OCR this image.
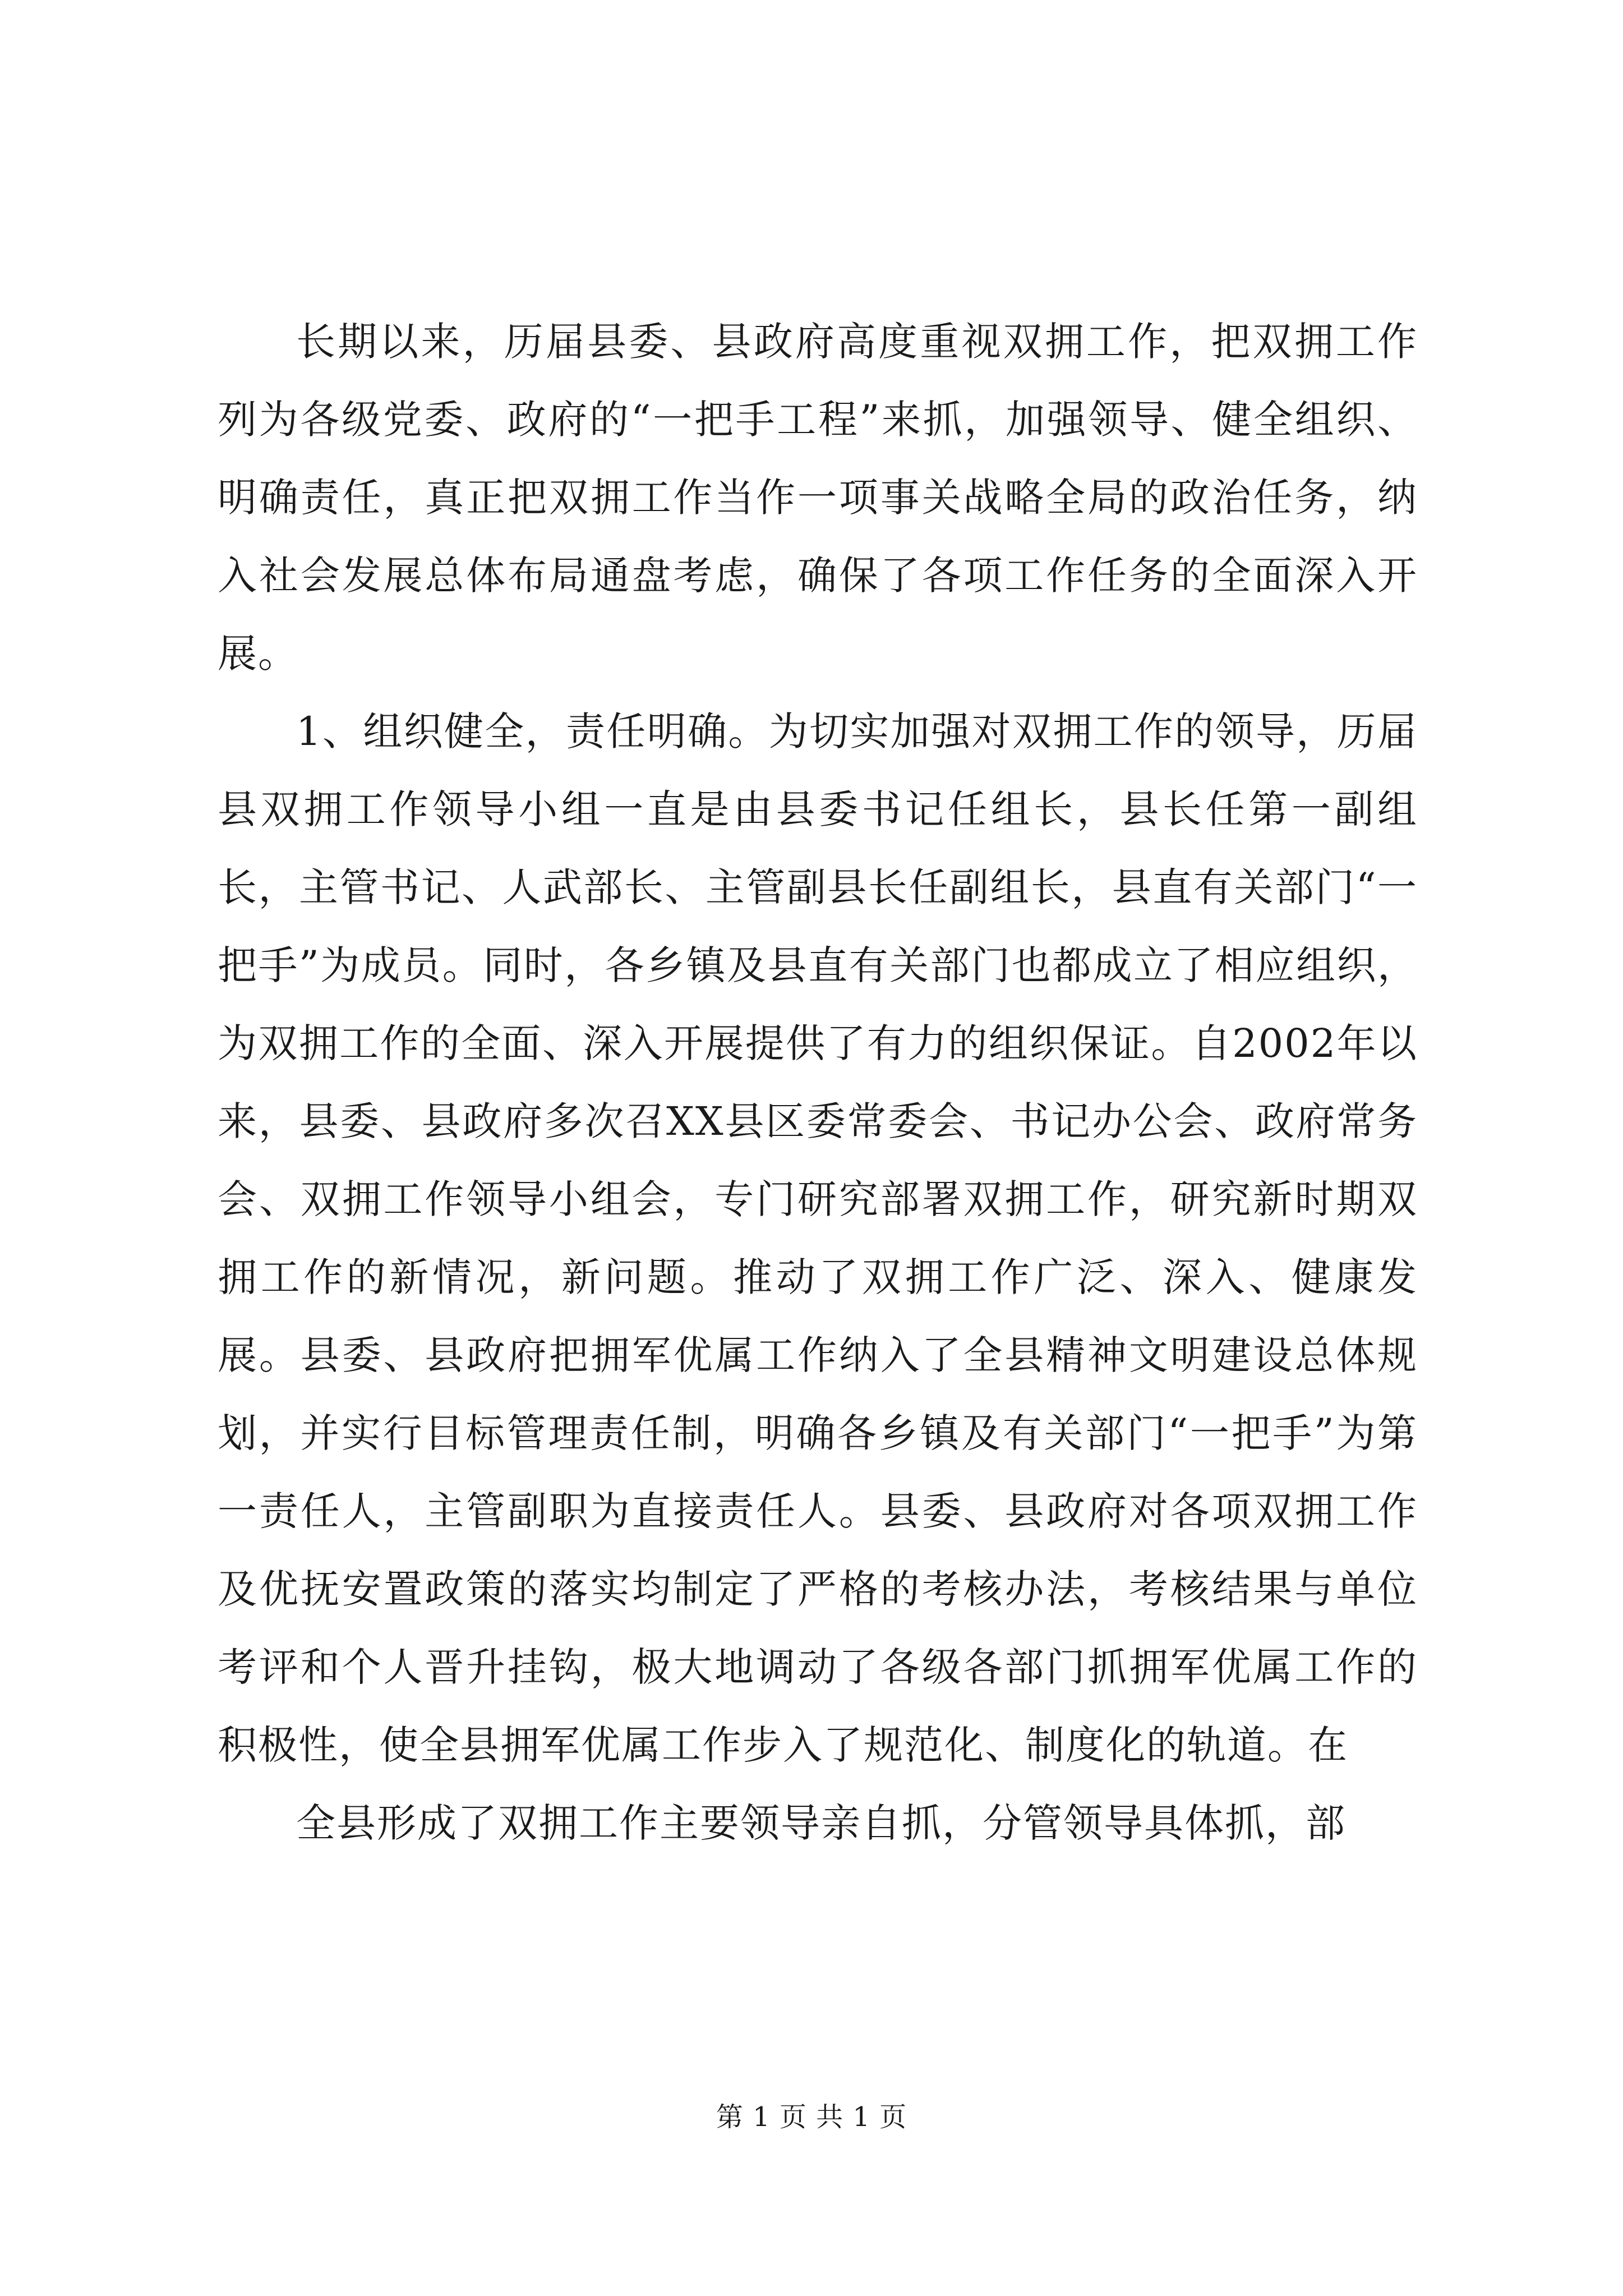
长期以来，历届县委、县政府高度重视双拥工作，把双拥工作列为各级党委、政府的“一把手工程”来抓，加强领导、健全组织、明确责任，真正把双拥工作当作一项事关战略全局的政治任务，纳入社会发展总体布局通盘考虑，确保了各项工作任务的全面深入开展。

1、组织健全，责任明确。为切实加强对双拥工作的领导，历届县双拥工作领导小组一直是由县委书记任组长，县长任第一副组长，主管书记、人武部长、主管副县长任副组长，县直有关部门“一把手”为成员。同时，各乡镇及县直有关部门也都成立了相应组织，为双拥工作的全面、深入开展提供了有力的组织保证。自2002年以来，县委、县政府多次召XX县区委常委会、书记办公会、政府常务会、双拥工作领导小组会，专门研究部署双拥工作，研究新时期双拥工作的新情况，新问题。推动了双拥工作广泛、深入、健康发展。县委、县政府把拥军优属工作纳入了全县精神文明建设总体规划，并实行目标管理责任制，明确各乡镇及有关部门“一把手”为第一责任人，主管副职为直接责任人。县委、县政府对各项双拥工作及优抚安置政策的落实均制定了严格的考核办法，考核结果与单位考评和个人晋升挂钩，极大地调动了各级各部门抓拥军优属工作的积极性，使全县拥军优属工作步入了规范化、制度化的轨道。在

全县形成了双拥工作主要领导亲自抓，分管领导具体抓，部

第 1 页 共 1 页
